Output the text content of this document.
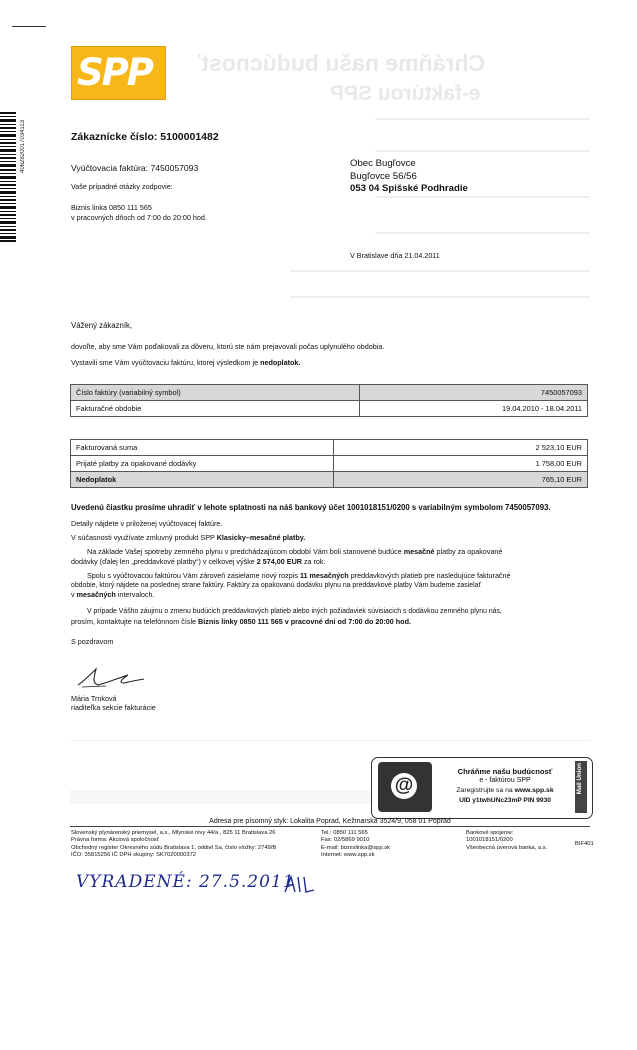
SPP Chráňme našu budúcnosť
e-faktúrou SPP
4062820017034113	Zákaznícke číslo: 5100001482
Vyúčtovacia faktúra: 7450057093
Vaše prípadné otázky zodpovie:
Biznis linka 0850 111 565
v pracovných dňoch od 7:00 do 20:00 hod.
Obec Bugľovce
Bugľovce 56/56
053 04 Spišské Podhradie
V Bratislave dňa 21.04.2011
Vážený zákazník,
dovoľte, aby sme Vám poďakovali za dôveru, ktorú ste nám prejavovali počas uplynulého obdobia.
Vystavili sme Vám vyúčtovaciu faktúru, ktorej výsledkom je nedoplatok.
Číslo faktúry (variabilný symbol)	7450057093
Fakturačné obdobie	19.04.2010 - 18.04.2011
Fakturovaná suma	2 523,10 EUR
Prijaté platby za opakované dodávky	1 758,00 EUR
Nedoplatok	765,10 EUR
Uvedenú čiastku prosíme uhradiť v lehote splatnosti na náš bankový účet 1001018151/0200 s variabilným symbolom 7450057093.
Detaily nájdete v priloženej vyúčtovacej faktúre.
V súčasnosti využívate zmluvný produkt SPP Klasicky–mesačné platby.
Na základe Vašej spotreby zemného plynu v predchádzajúcom období Vám boli stanovené budúce mesačné platby za opakované
dodávky (ďalej len „preddavkové platby“) v celkovej výške 2 574,00 EUR za rok.
Spolu s vyúčtovacou faktúrou Vám zároveň zasielame nový rozpis 11 mesačných preddavkových platieb pre nasledujúce fakturačné
obdobie, ktorý nájdete na poslednej strane faktúry. Faktúry za opakovanú dodávku plynu na preddavkové platby Vám budeme zasielať
v mesačných intervaloch.
V prípade Vášho záujmu o zmenu budúcich preddavkových platieb alebo iných požiadaviek súvisiacich s dodávkou zemného plynu nás,
prosím, kontaktujte na telefónnom čísle Biznis linky 0850 111 565 v pracovné dni od 7:00 do 20:00 hod.
S pozdravom
Mária Trnková
riaditeľka sekcie fakturácie
@
Chráňme našu budúcnosť
e - faktúrou SPP
Zaregistrujte sa na www.spp.sk
UID y1twhUNc23mP PIN 9930
Mail Union
Adresa pre písomný styk: Lokalita Poprad, Kežmarská 3524/9, 058 01 Poprad
Slovenský plynárenský priemysel, a.s., Mlynské nivy 44/a , 825 11 Bratislava 26
Právna forma: Akciová spoločnosť
Obchodný register Okresného súdu Bratislava 1, oddiel Sa, číslo vložky: 2749/B
IČO: 35815256 IČ DPH skupiny: SK7020000372
Tel.: 0850 111 565
Fax: 02/5869 9010
E-mail: biznislinka@spp.sk
Internet: www.spp.sk
Bankové spojenie:
1001018151/0200
Všeobecná úverová banka, a.s.
BIF401
VYRADENÉ: 27.5.2011
